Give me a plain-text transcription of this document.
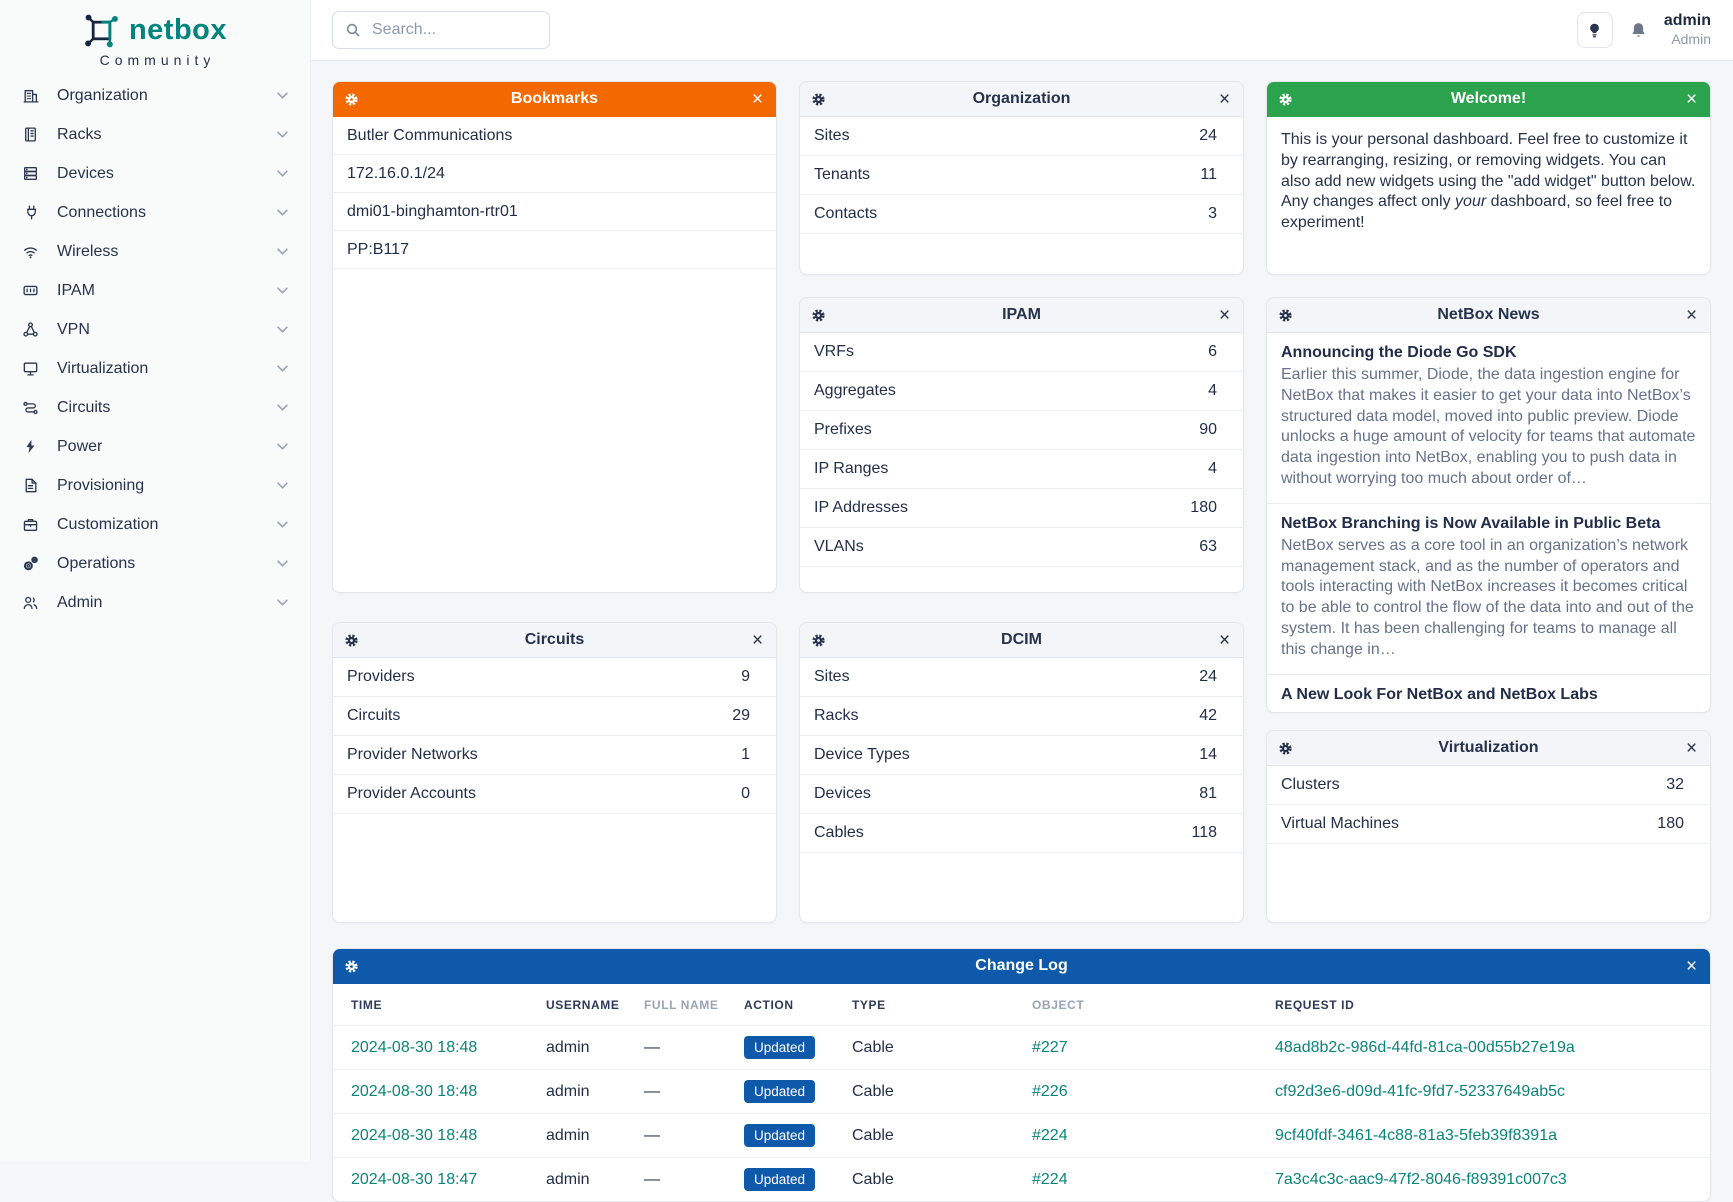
netbox
Community
Organization
Racks
Devices
Connections
Wireless
IPAM
VPN
Virtualization
Circuits
Power
Provisioning
Customization
Operations
Admin
Search...
admin
Admin
Bookmarks	×
Butler Communications
172.16.0.1/24
dmi01-binghamton-rtr01
PP:B117
Circuits	×
Providers	9
Circuits	29
Provider Networks	1
Provider Accounts	0
Organization	×
Sites	24
Tenants	11
Contacts	3
IPAM	×
VRFs	6
Aggregates	4
Prefixes	90
IP Ranges	4
IP Addresses	180
VLANs	63
DCIM	×
Sites	24
Racks	42
Device Types	14
Devices	81
Cables	118
Welcome!	×
This is your personal dashboard. Feel free to customize it by rearranging, resizing, or removing widgets. You can also add new widgets using the "add widget" button below. Any changes affect only your dashboard, so feel free to experiment!
NetBox News	×
Announcing the Diode Go SDK
Earlier this summer, Diode, the data ingestion engine for NetBox that makes it easier to get your data into NetBox’s structured data model, moved into public preview. Diode unlocks a huge amount of velocity for teams that automate data ingestion into NetBox, enabling you to push data in without worrying too much about order of…
NetBox Branching is Now Available in Public Beta
NetBox serves as a core tool in an organization’s network management stack, and as the number of operators and tools interacting with NetBox increases it becomes critical to be able to control the flow of the data into and out of the system. It has been challenging for teams to manage all this change in…
A New Look For NetBox and NetBox Labs
Virtualization	×
Clusters	32
Virtual Machines	180
Change Log	×
TIME	USERNAME	FULL NAME	ACTION	TYPE	OBJECT	REQUEST ID
2024-08-30 18:48	admin	—	Updated	Cable	#227	48ad8b2c-986d-44fd-81ca-00d55b27e19a
2024-08-30 18:48	admin	—	Updated	Cable	#226	cf92d3e6-d09d-41fc-9fd7-52337649ab5c
2024-08-30 18:48	admin	—	Updated	Cable	#224	9cf40fdf-3461-4c88-81a3-5feb39f8391a
2024-08-30 18:47	admin	—	Updated	Cable	#224	7a3c4c3c-aac9-47f2-8046-f89391c007c3
